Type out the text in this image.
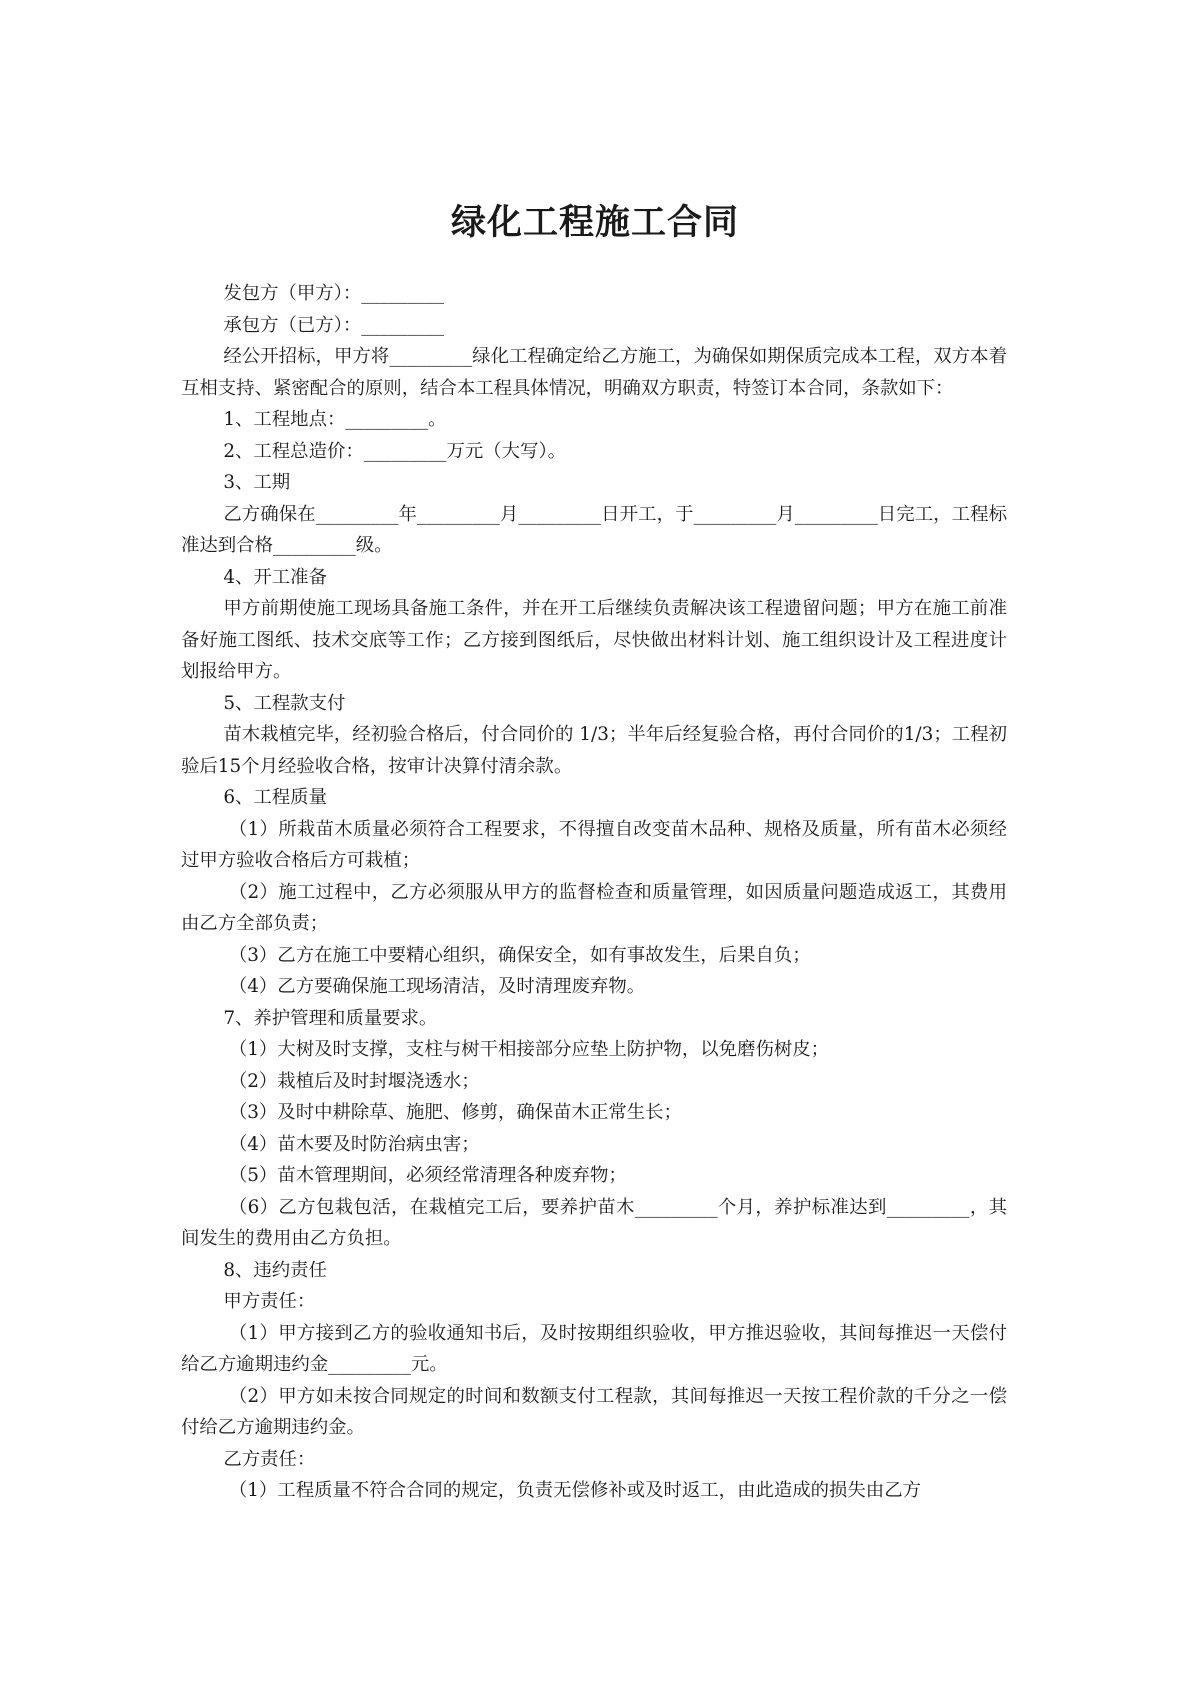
绿化工程施工合同

发包方（甲方）：_________

承包方（已方）：_________

经公开招标，甲方将_________绿化工程确定给乙方施工，为确保如期保质完成本工程，双方本着互相支持、紧密配合的原则，结合本工程具体情况，明确双方职责，特签订本合同，条款如下：

1、工程地点：_________。

2、工程总造价：_________万元（大写）。

3、工期

乙方确保在_________年_________月_________日开工，于_________月_________日完工，工程标准达到合格_________级。

4、开工准备

甲方前期使施工现场具备施工条件，并在开工后继续负责解决该工程遗留问题；甲方在施工前准备好施工图纸、技术交底等工作；乙方接到图纸后，尽快做出材料计划、施工组织设计及工程进度计划报给甲方。

5、工程款支付

苗木栽植完毕，经初验合格后，付合同价的 1/3；半年后经复验合格，再付合同价的1/3；工程初验后15个月经验收合格，按审计决算付清余款。

6、工程质量

（1）所栽苗木质量必须符合工程要求，不得擅自改变苗木品种、规格及质量，所有苗木必须经过甲方验收合格后方可栽植；

（2）施工过程中，乙方必须服从甲方的监督检查和质量管理，如因质量问题造成返工，其费用由乙方全部负责；

（3）乙方在施工中要精心组织，确保安全，如有事故发生，后果自负；

（4）乙方要确保施工现场清洁，及时清理废弃物。

7、养护管理和质量要求。

（1）大树及时支撑，支柱与树干相接部分应垫上防护物，以免磨伤树皮；

（2）栽植后及时封堰浇透水；

（3）及时中耕除草、施肥、修剪，确保苗木正常生长；

（4）苗木要及时防治病虫害；

（5）苗木管理期间，必须经常清理各种废弃物；

（6）乙方包栽包活，在栽植完工后，要养护苗木_________个月，养护标准达到_________，其间发生的费用由乙方负担。

8、违约责任

甲方责任：

（1）甲方接到乙方的验收通知书后，及时按期组织验收，甲方推迟验收，其间每推迟一天偿付给乙方逾期违约金_________元。

（2）甲方如未按合同规定的时间和数额支付工程款，其间每推迟一天按工程价款的千分之一偿付给乙方逾期违约金。

乙方责任：

（1）工程质量不符合合同的规定，负责无偿修补或及时返工，由此造成的损失由乙方
